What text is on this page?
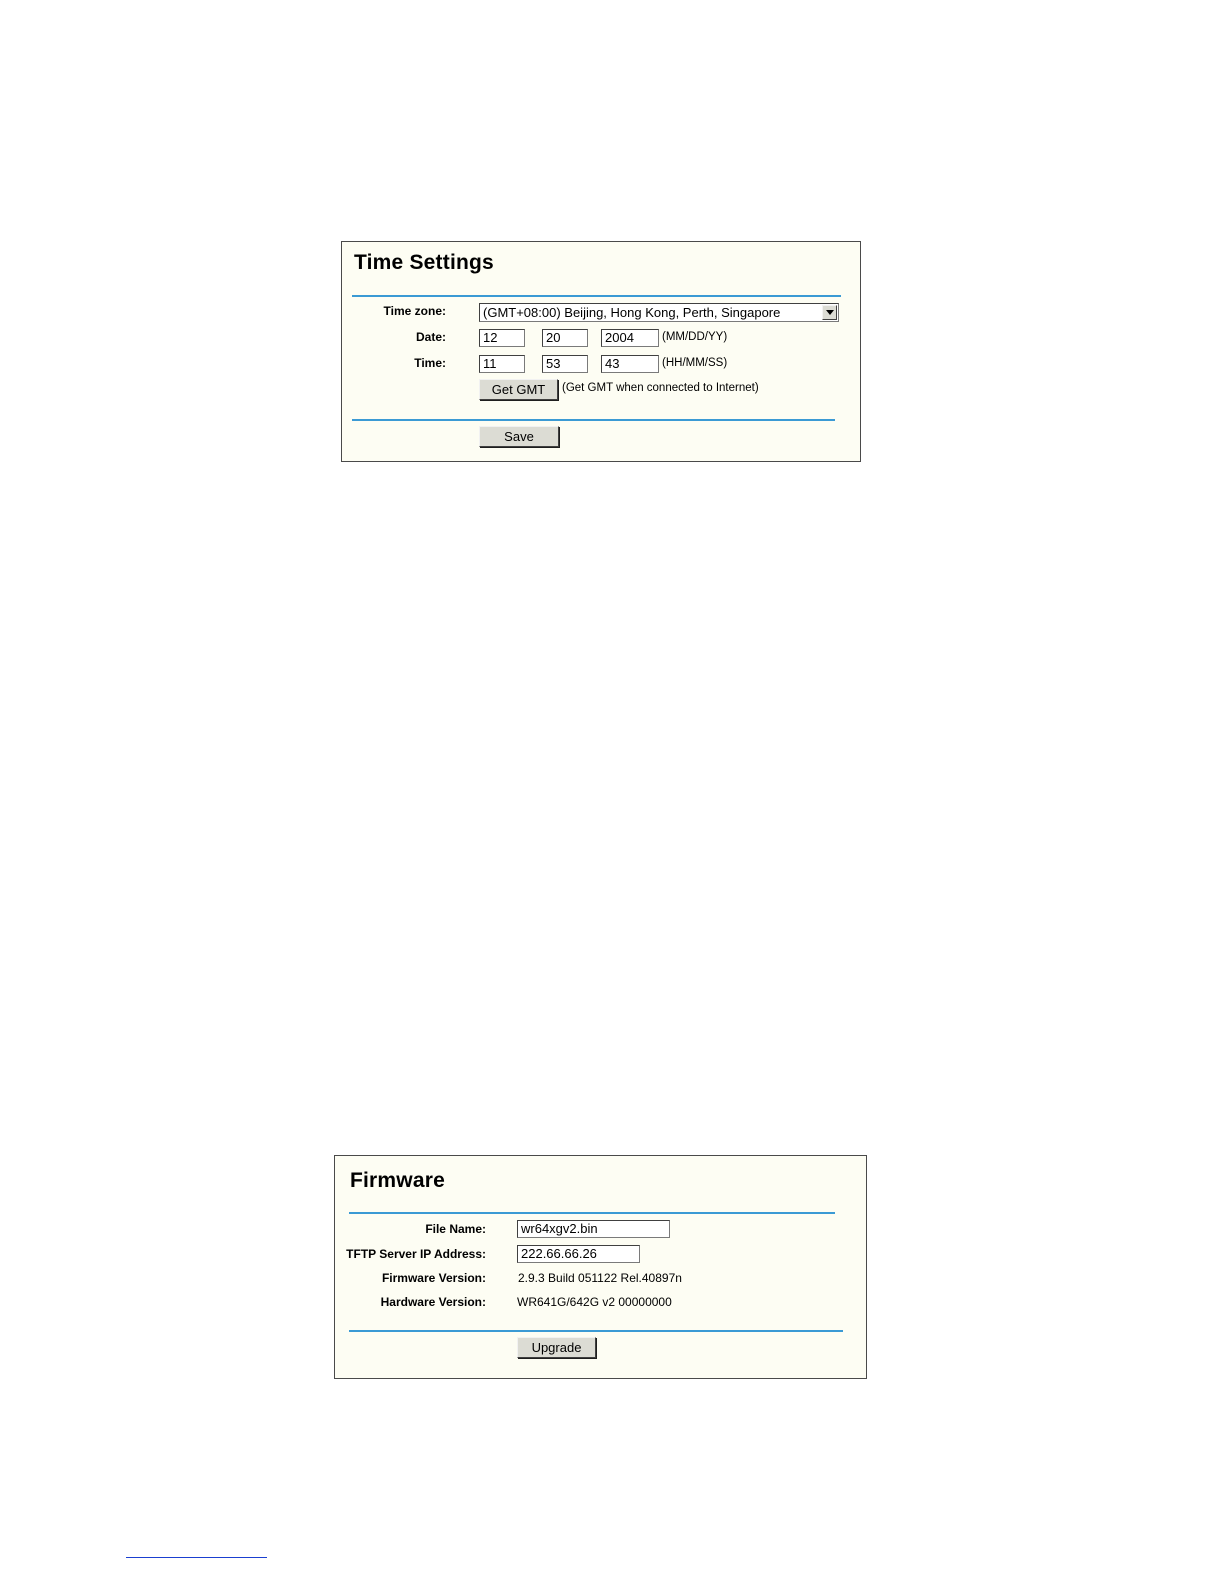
Time Settings
Time zone:	(GMT+08:00) Beijing, Hong Kong, Perth, Singapore
Date:	12	20	2004	(MM/DD/YY)
Time:	11	53	43	(HH/MM/SS)
Get GMT	(Get GMT when connected to Internet)
Save
Firmware
File Name:	wr64xgv2.bin
TFTP Server IP Address:	222.66.66.26
Firmware Version:	2.9.3 Build 051122 Rel.40897n
Hardware Version:	WR641G/642G v2 00000000
Upgrade
